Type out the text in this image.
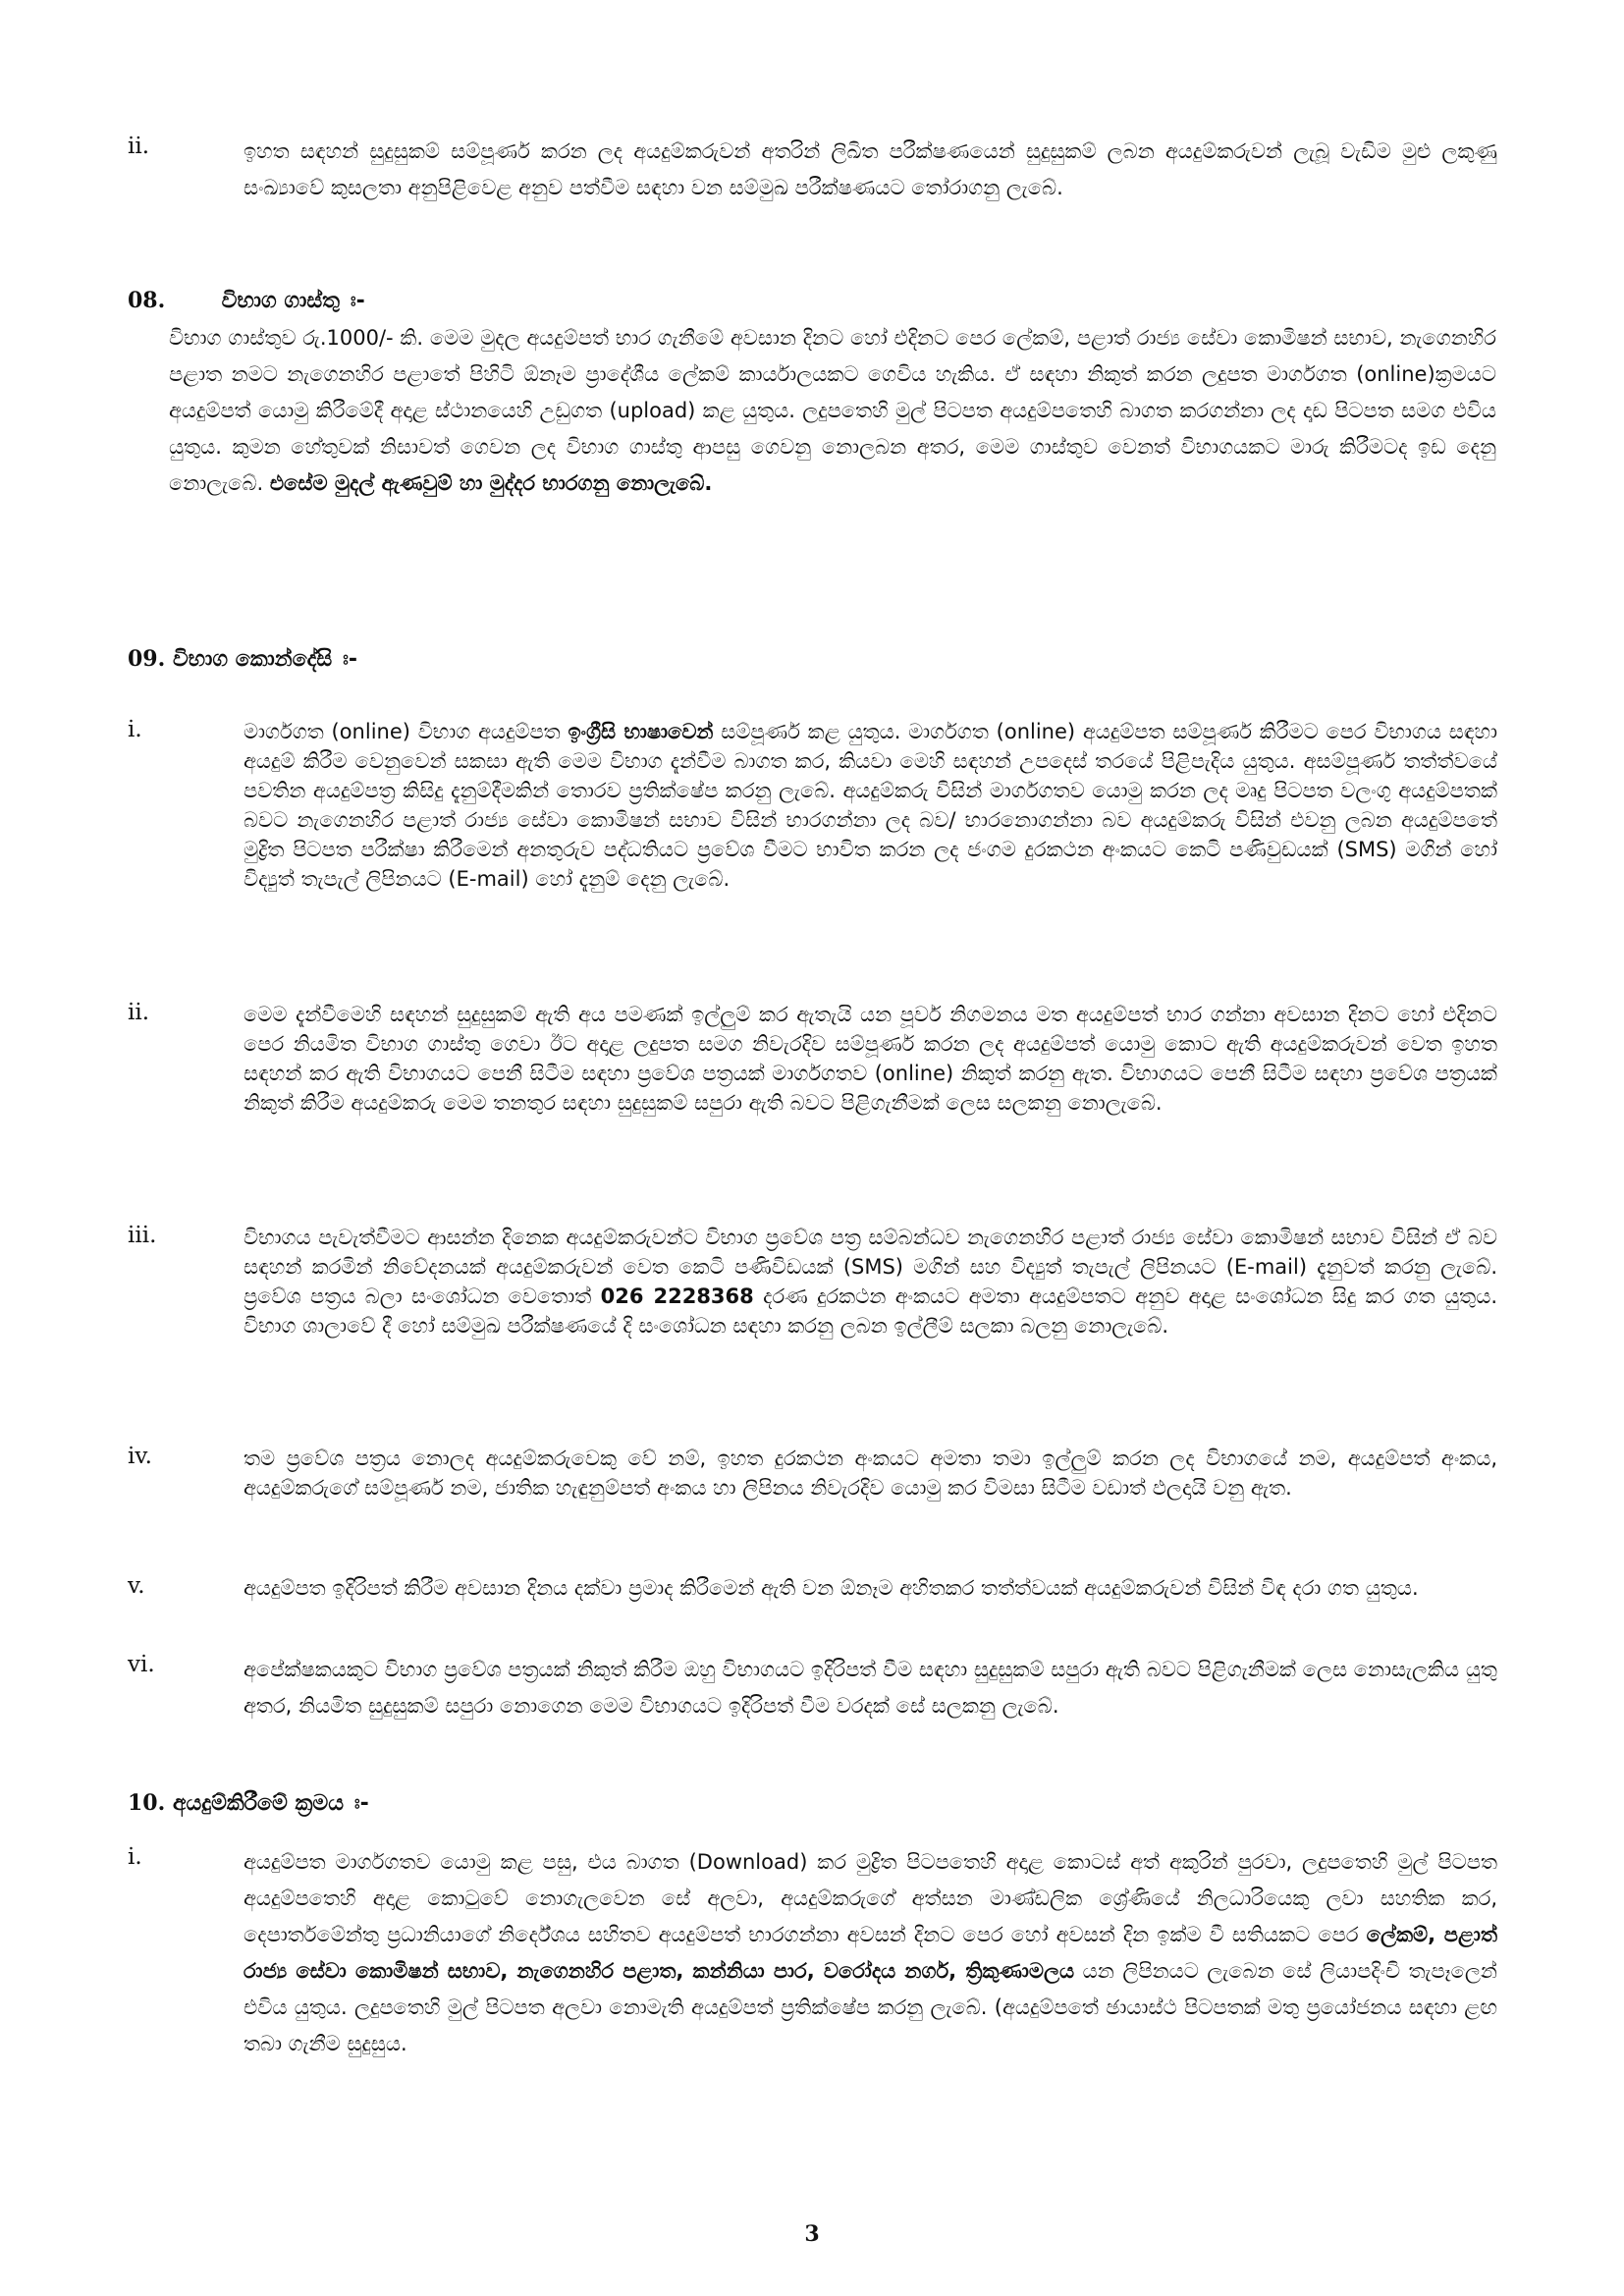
ii.	ඉහත සඳහන් සුදුසුකම් සම්පූර්ණ කරන ලද අයදුම්කරුවන් අතරින් ලිඛිත පරීක්ෂණයෙන් සුදුසුකම් ලබන අයදුම්කරුවන් ලැබූ වැඩිම මුළු ලකුණු සංඛ්‍යාවේ කුසලතා අනුපිළිවෙළ අනුව පත්වීම සඳහා වන සම්මුඛ පරීක්ෂණයට තෝරාගනු ලැබේ.
08.	විභාග ගාස්තු ඃ-
විභාග ගාස්තුව රු.1000/- කි. මෙම මුදල අයදුම්පත් භාර ගැනීමේ අවසාන දිනට හෝ එදිනට පෙර ලේකම්, පළාත් රාජ්‍ය සේවා කොමිෂන් සභාව, නැගෙනහිර පළාත නමට නැගෙනහිර පළාතේ පිහිටි ඕනෑම ප්‍රාදේශීය ලේකම් කාර්යාලයකට ගෙවිය හැකිය. ඒ සඳහා නිකුත් කරන ලදුපත මාර්ගගත (online)ක්‍රමයට අයදුම්පත් යොමු කිරීමේදී අදාළ ස්ථානයෙහි උඩුගත (upload) කළ යුතුය. ලදුපතෙහි මුල් පිටපත අයදුම්පතෙහි බාගත කරගන්නා ලද දෘඩ පිටපත සමග එවිය යුතුය. කුමන හේතුවක් නිසාවත් ගෙවන ලද විභාග ගාස්තු ආපසු ගෙවනු නොලබන අතර, මෙම ගාස්තුව වෙනත් විභාගයකට මාරු කිරීමටද ඉඩ දෙනු නොලැබේ. එසේම මුදල් ඇණවුම් හා මුද්දර භාරගනු නොලැබේ.
09. විභාග කොන්දේසි ඃ-
i.	මාර්ගගත (online) විභාග අයදුම්පත ඉංග්‍රීසි භාෂාවෙන් සම්පූර්ණ කළ යුතුය. මාර්ගගත (online) අයදුම්පත සම්පූර්ණ කිරීමට පෙර විභාගය සඳහා අයදුම් කිරීම වෙනුවෙන් සකසා ඇති මෙම විභාග දැන්වීම බාගත කර, කියවා මෙහි සඳහන් උපදෙස් තරයේ පිළිපැදිය යුතුය. අසම්පූර්ණ තත්ත්වයේ පවතින අයදුම්පත්‍ර කිසිදු දැනුම්දීමකින් තොරව ප්‍රතික්ෂේප කරනු ලැබේ. අයදුම්කරු විසින් මාර්ගගතව යොමු කරන ලද මෘදු පිටපත වලංගු අයදුම්පතක් බවට නැගෙනහිර පළාත් රාජ්‍ය සේවා කොමිෂන් සභාව විසින් භාරගන්නා ලද බව/ භාරනොගන්නා බව අයදුම්කරු විසින් එවනු ලබන අයදුම්පතේ මුද්‍රිත පිටපත පරීක්ෂා කිරීමෙන් අනතුරුව පද්ධතියට ප්‍රවේශ වීමට භාවිත කරන ලද ජංගම දුරකථන අංකයට කෙටි පණිවුඩයක් (SMS) මගින් හෝ විද්‍යුත් තැපැල් ලිපිනයට (E-mail) හෝ දැනුම් දෙනු ලැබේ.
ii.	මෙම දැන්වීමෙහි සඳහන් සුදුසුකම් ඇති අය පමණක් ඉල්ලුම් කර ඇතැයි යන පූර්ව නිගමනය මත අයදුම්පත් භාර ගන්නා අවසාන දිනට හෝ එදිනට පෙර නියමිත විභාග ගාස්තු ගෙවා ඊට අදාළ ලදුපත සමග නිවැරදිව සම්පූර්ණ කරන ලද අයදුම්පත් යොමු කොට ඇති අයදුම්කරුවන් වෙත ඉහත සඳහන් කර ඇති විභාගයට පෙනී සිටීම සඳහා ප්‍රවේශ පත්‍රයක් මාර්ගගතව (online) නිකුත් කරනු ඇත. විභාගයට පෙනී සිටීම සඳහා ප්‍රවේශ පත්‍රයක් නිකුත් කිරීම අයදුම්කරු මෙම තනතුර සඳහා සුදුසුකම් සපුරා ඇති බවට පිළිගැනීමක් ලෙස සලකනු නොලැබේ.
iii.	විභාගය පැවැත්වීමට ආසන්න දිනෙක අයදුම්කරුවන්ට විභාග ප්‍රවේශ පත්‍ර සම්බන්ධව නැගෙනහිර පළාත් රාජ්‍ය සේවා කොමිෂන් සභාව විසින් ඒ බව සඳහන් කරමින් නිවේදනයක් අයදුම්කරුවන් වෙත කෙටි පණිවිඩයක් (SMS) මගින් සහ විද්‍යුත් තැපැල් ලිපිනයට (E-mail) දැනුවත් කරනු ලැබේ. ප්‍රවේශ පත්‍රය බලා සංශෝධන වෙතොත් 026 2228368 දරණ දුරකථන අංකයට අමතා අයදුම්පතට අනුව අදාළ සංශෝධන සිදු කර ගත යුතුය. විභාග ශාලාවේ දී හෝ සම්මුඛ පරීක්ෂණයේ දි සංශෝධන සඳහා කරනු ලබන ඉල්ලීම් සලකා බලනු නොලැබේ.
iv.	තම ප්‍රවේශ පත්‍රය නොලද අයදුම්කරුවෙකු වේ නම්, ඉහත දුරකථන අංකයට අමතා තමා ඉල්ලුම් කරන ලද විභාගයේ නම, අයදුම්පත් අංකය, අයදුම්කරුගේ සම්පූර්ණ නම, ජාතික හැඳුනුම්පත් අංකය හා ලිපිනය නිවැරදිව යොමු කර විමසා සිටීම වඩාත් ඵලදායි වනු ඇත.
v.	අයදුම්පත ඉදිරිපත් කිරීම අවසාන දිනය දක්වා ප්‍රමාද කිරීමෙන් ඇති වන ඕනෑම අහිතකර තත්ත්වයක් අයදුම්කරුවන් විසින් විඳ දරා ගත යුතුය.
vi.	අපේක්ෂකයකුට විභාග ප්‍රවේශ පත්‍රයක් නිකුත් කිරීම ඔහු විභාගයට ඉදිරිපත් වීම සඳහා සුදුසුකම් සපුරා ඇති බවට පිළිගැනීමක් ලෙස නොසැලකිය යුතු අතර, නියමිත සුදුසුකම් සපුරා නොගෙන මෙම විභාගයට ඉදිරිපත් වීම වරදක් සේ සලකනු ලැබේ.
10. අයදුම්කිරීමේ ක්‍රමය ඃ-
i.	අයදුම්පත මාර්ගගතව යොමු කළ පසු, එය බාගත (Download) කර මුද්‍රිත පිටපතෙහි අදාළ කොටස් අත් අකුරින් පුරවා, ලදුපතෙහි මුල් පිටපත අයදුම්පතෙහි අදාළ කොටුවේ නොගැලවෙන සේ අලවා, අයදුම්කරුගේ අත්සන මාණ්ඩලික ශ්‍රේණියේ නිලධාරියෙකු ලවා සහතික කර, දෙපාර්තමේන්තු ප්‍රධානියාගේ නිර්දේශය සහිතව අයදුම්පත් භාරගන්නා අවසන් දිනට පෙර හෝ අවසන් දින ඉක්ම වී සතියකට පෙර ලේකම්, පළාත් රාජ්‍ය සේවා කොමිෂන් සභාව, නැගෙනහිර පළාත, කන්නියා පාර, වරෝදය නගර්, ත්‍රිකුණාමලය යන ලිපිනයට ලැබෙන සේ ලියාපදිංචි තැපෑලෙන් එවිය යුතුය. ලදුපතෙහි මුල් පිටපත අලවා නොමැති අයදුම්පත් ප්‍රතික්ෂේප කරනු ලැබේ. (අයදුම්පතේ ඡායාස්ථ පිටපතක් මතු ප්‍රයෝජනය සඳහා ළඟ තබා ගැනීම සුදුසුය.
3
